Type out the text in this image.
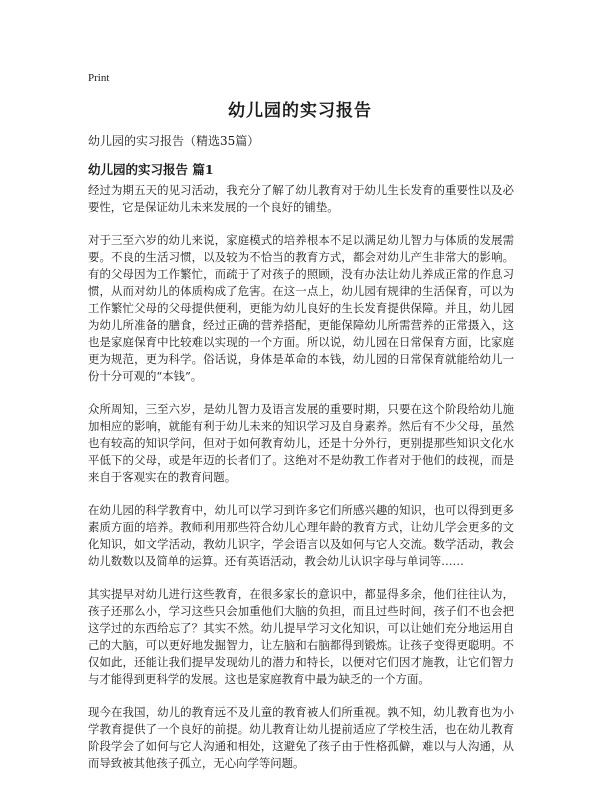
Print
幼儿园的实习报告

幼儿园的实习报告（精选35篇）

幼儿园的实习报告 篇1

经过为期五天的见习活动，我充分了解了幼儿教育对于幼儿生长发育的重要性以及必要性，它是保证幼儿未来发展的一个良好的铺垫。

对于三至六岁的幼儿来说，家庭模式的培养根本不足以满足幼儿智力与体质的发展需要。不良的生活习惯，以及较为不恰当的教育方式，都会对幼儿产生非常大的影响。有的父母因为工作繁忙，而疏于了对孩子的照顾，没有办法让幼儿养成正常的作息习惯，从而对幼儿的体质构成了危害。在这一点上，幼儿园有规律的生活保育，可以为工作繁忙父母的父母提供便利，更能为幼儿良好的生长发育提供保障。并且，幼儿园为幼儿所准备的膳食，经过正确的营养搭配，更能保障幼儿所需营养的正常摄入，这也是家庭保育中比较难以实现的一个方面。所以说，幼儿园在日常保育方面，比家庭更为规范，更为科学。俗话说，身体是革命的本钱，幼儿园的日常保育就能给幼儿一份十分可观的“本钱”。

众所周知，三至六岁，是幼儿智力及语言发展的重要时期，只要在这个阶段给幼儿施加相应的影响，就能有利于幼儿未来的知识学习及自身素养。然后有不少父母，虽然也有较高的知识学问，但对于如何教育幼儿，还是十分外行，更别提那些知识文化水平低下的父母，或是年迈的长者们了。这绝对不是幼教工作者对于他们的歧视，而是来自于客观实在的教育问题。

在幼儿园的科学教育中，幼儿可以学习到许多它们所感兴趣的知识，也可以得到更多素质方面的培养。教师利用那些符合幼儿心理年龄的教育方式，让幼儿学会更多的文化知识，如文学活动，教幼儿识字，学会语言以及如何与它人交流。数学活动，教会幼儿数数以及简单的运算。还有英语活动，教会幼儿认识字母与单词等……

其实提早对幼儿进行这些教育，在很多家长的意识中，都显得多余，他们往往认为，孩子还那么小，学习这些只会加重他们大脑的负担，而且过些时间，孩子们不也会把这学过的东西给忘了？其实不然。幼儿提早学习文化知识，可以让她们充分地运用自己的大脑，可以更好地发掘智力，让左脑和右脑都得到锻炼。让孩子变得更聪明。不仅如此，还能让我们提早发现幼儿的潜力和特长，以便对它们因才施教，让它们智力与才能得到更科学的发展。这也是家庭教育中最为缺乏的一个方面。

现今在我国，幼儿的教育远不及儿童的教育被人们所重视。孰不知，幼儿教育也为小学教育提供了一个良好的前提。幼儿教育让幼儿提前适应了学校生活，也在幼儿教育阶段学会了如何与它人沟通和相处，这避免了孩子由于性格孤僻，难以与人沟通，从而导致被其他孩子孤立，无心向学等问题。
